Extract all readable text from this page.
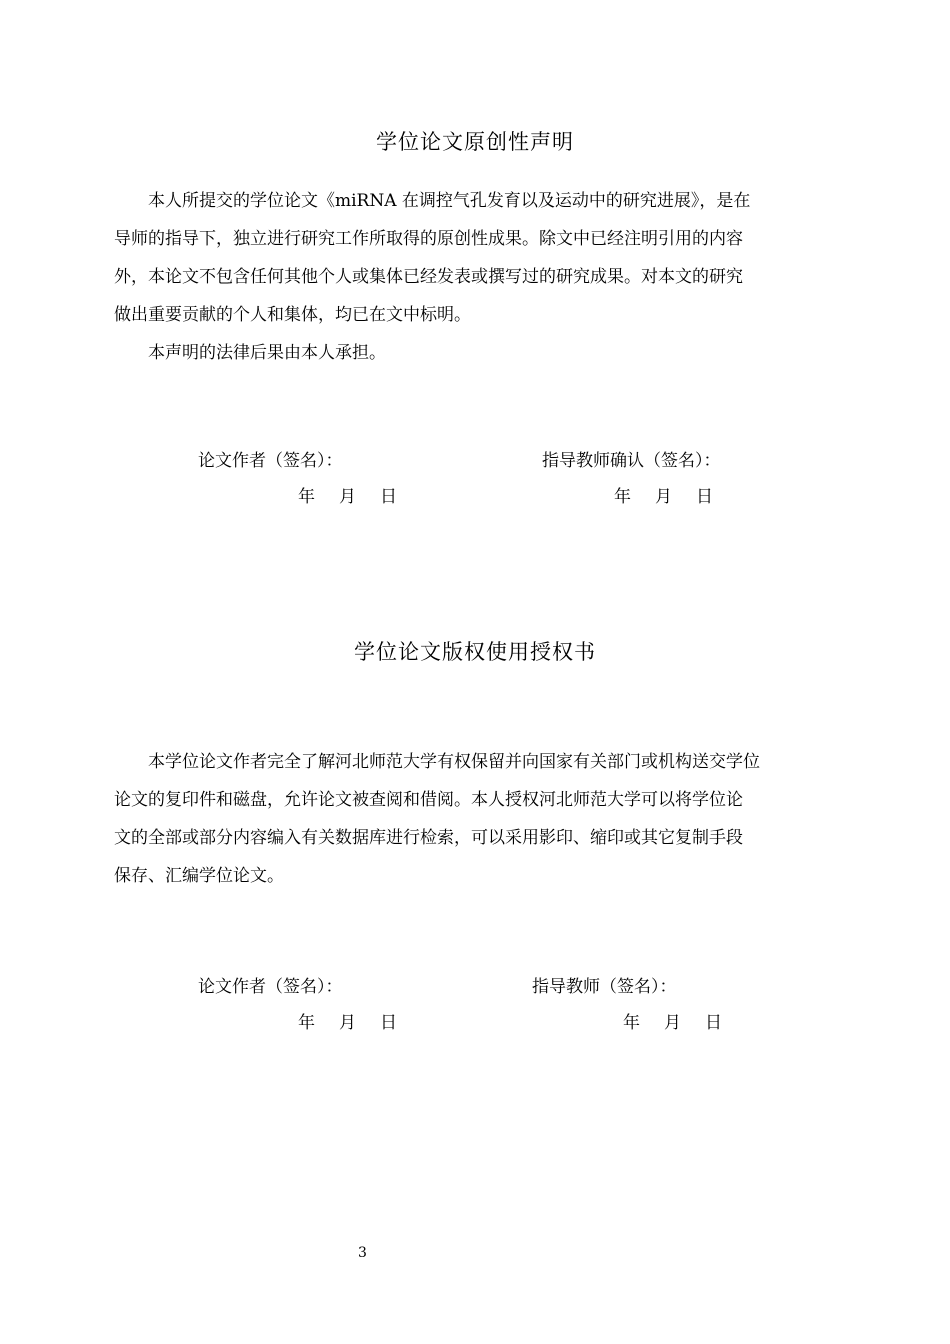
学位论文原创性声明
本人所提交的学位论文《miRNA 在调控气孔发育以及运动中的研究进展》，是在
导师的指导下，独立进行研究工作所取得的原创性成果。除文中已经注明引用的内容
外，本论文不包含任何其他个人或集体已经发表或撰写过的研究成果。对本文的研究
做出重要贡献的个人和集体，均已在文中标明。
本声明的法律后果由本人承担。
论文作者（签名）：	指导教师确认（签名）：
年 月 日	年 月 日
学位论文版权使用授权书
本学位论文作者完全了解河北师范大学有权保留并向国家有关部门或机构送交学位
论文的复印件和磁盘，允许论文被查阅和借阅。本人授权河北师范大学可以将学位论
文的全部或部分内容编入有关数据库进行检索，可以采用影印、缩印或其它复制手段
保存、汇编学位论文。
论文作者（签名）：	指导教师（签名）：
年 月 日	年 月 日
3
